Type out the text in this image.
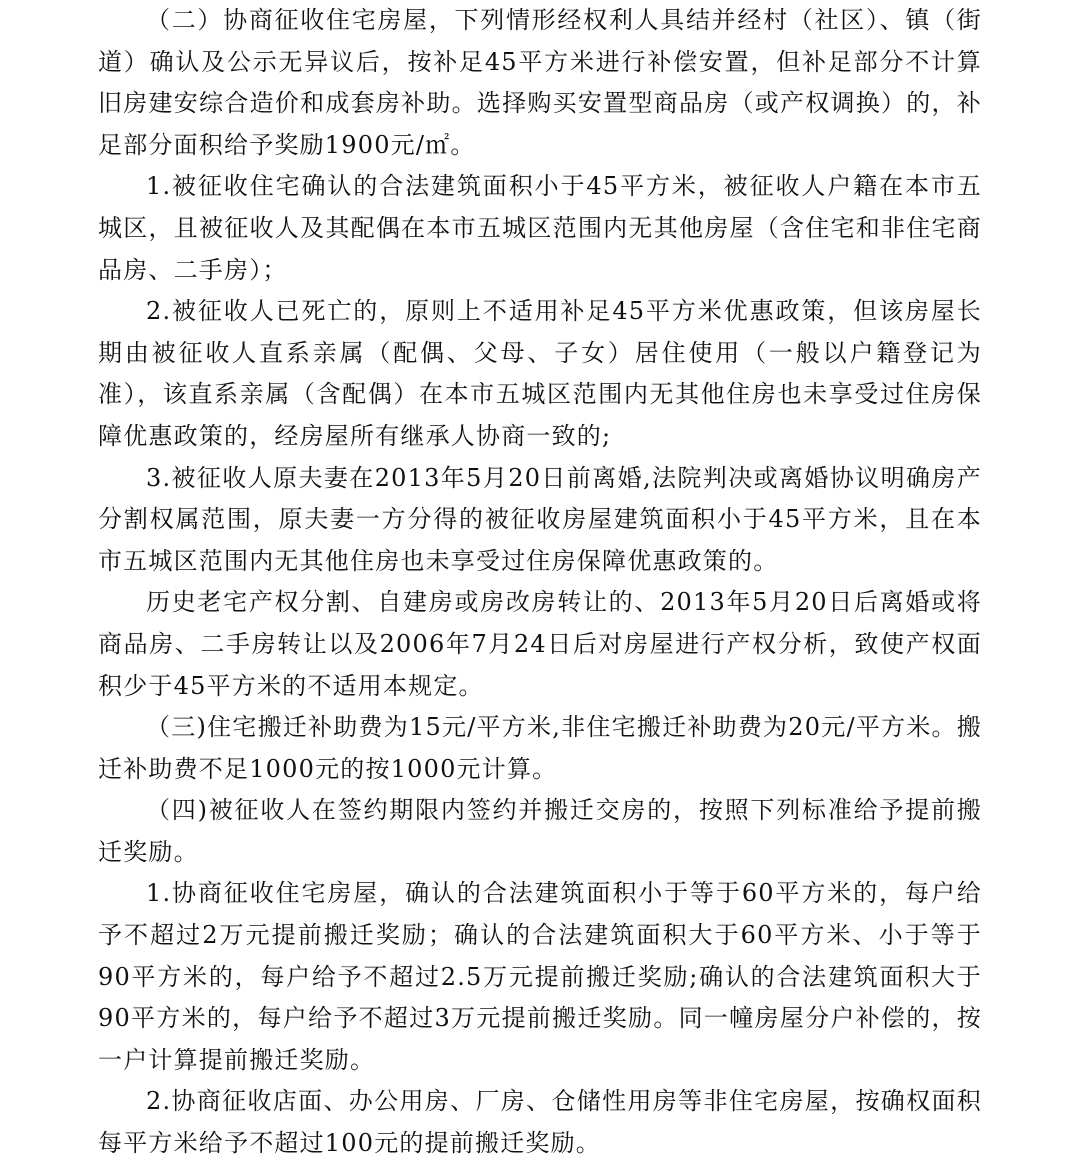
（二）协商征收住宅房屋，下列情形经权利人具结并经村（社区）、镇（街道）确认及公示无异议后，按补足45平方米进行补偿安置，但补足部分不计算旧房建安综合造价和成套房补助。选择购买安置型商品房（或产权调换）的，补足部分面积给予奖励1900元/㎡。

1.被征收住宅确认的合法建筑面积小于45平方米，被征收人户籍在本市五城区，且被征收人及其配偶在本市五城区范围内无其他房屋（含住宅和非住宅商品房、二手房）；

2.被征收人已死亡的，原则上不适用补足45平方米优惠政策，但该房屋长期由被征收人直系亲属（配偶、父母、子女）居住使用（一般以户籍登记为准），该直系亲属（含配偶）在本市五城区范围内无其他住房也未享受过住房保障优惠政策的，经房屋所有继承人协商一致的;

3.被征收人原夫妻在2013年5月20日前离婚,法院判决或离婚协议明确房产分割权属范围，原夫妻一方分得的被征收房屋建筑面积小于45平方米，且在本市五城区范围内无其他住房也未享受过住房保障优惠政策的。

历史老宅产权分割、自建房或房改房转让的、2013年5月20日后离婚或将商品房、二手房转让以及2006年7月24日后对房屋进行产权分析，致使产权面积少于45平方米的不适用本规定。

（三)住宅搬迁补助费为15元/平方米,非住宅搬迁补助费为20元/平方米。搬迁补助费不足1000元的按1000元计算。

（四)被征收人在签约期限内签约并搬迁交房的，按照下列标准给予提前搬迁奖励。

1.协商征收住宅房屋，确认的合法建筑面积小于等于60平方米的，每户给予不超过2万元提前搬迁奖励；确认的合法建筑面积大于60平方米、小于等于90平方米的，每户给予不超过2.5万元提前搬迁奖励;确认的合法建筑面积大于90平方米的，每户给予不超过3万元提前搬迁奖励。同一幢房屋分户补偿的，按一户计算提前搬迁奖励。

2.协商征收店面、办公用房、厂房、仓储性用房等非住宅房屋，按确权面积每平方米给予不超过100元的提前搬迁奖励。
